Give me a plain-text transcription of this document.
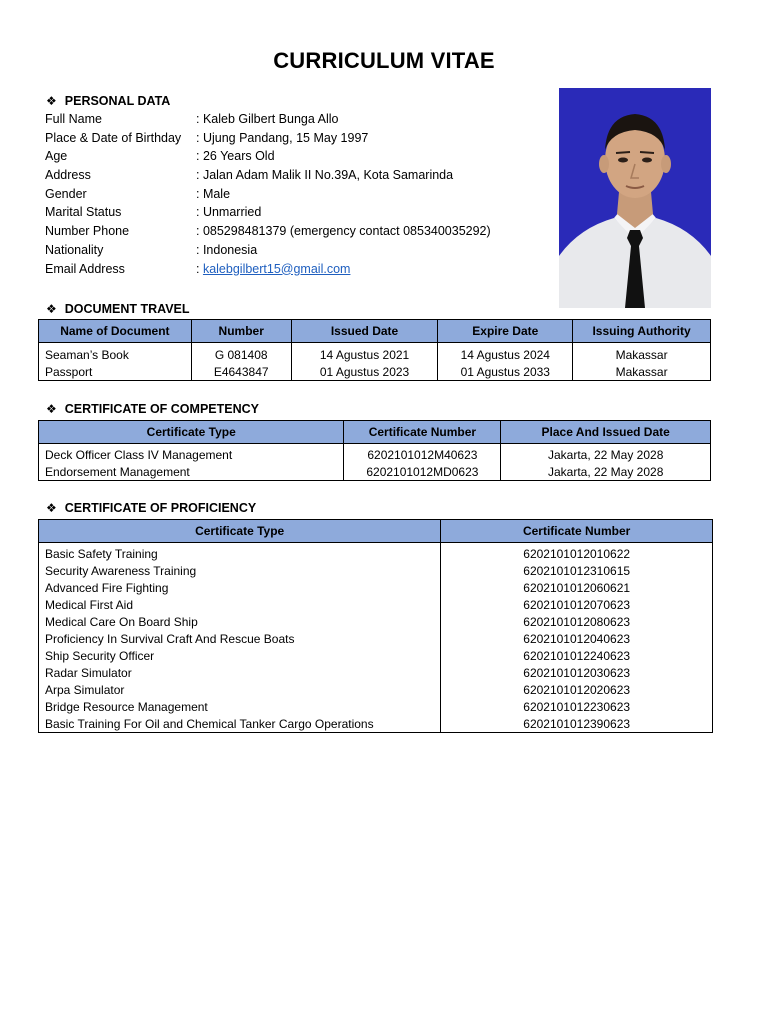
CURRICULUM VITAE
❖ PERSONAL DATA
Full Name	: Kaleb Gilbert Bunga Allo
Place & Date of Birthday	: Ujung Pandang, 15 May 1997
Age	: 26 Years Old
Address	: Jalan Adam Malik II No.39A, Kota Samarinda
Gender	: Male
Marital Status	: Unmarried
Number Phone	: 085298481379 (emergency contact 085340035292)
Nationality	: Indonesia
Email Address	: kalebgilbert15@gmail.com
❖ DOCUMENT TRAVEL
Name of Document	Number	Issued Date	Expire Date	Issuing Authority
Seaman’s Book	G 081408	14 Agustus 2021	14 Agustus 2024	Makassar
Passport	E4643847	01 Agustus 2023	01 Agustus 2033	Makassar
❖ CERTIFICATE OF COMPETENCY
Certificate Type	Certificate Number	Place And Issued Date
Deck Officer Class IV Management	6202101012M40623	Jakarta, 22 May 2028
Endorsement Management	6202101012MD0623	Jakarta, 22 May 2028
❖ CERTIFICATE OF PROFICIENCY
Certificate Type	Certificate Number
Basic Safety Training	6202101012010622
Security Awareness Training	6202101012310615
Advanced Fire Fighting	6202101012060621
Medical First Aid	6202101012070623
Medical Care On Board Ship	6202101012080623
Proficiency In Survival Craft And Rescue Boats	6202101012040623
Ship Security Officer	6202101012240623
Radar Simulator	6202101012030623
Arpa Simulator	6202101012020623
Bridge Resource Management	6202101012230623
Basic Training For Oil and Chemical Tanker Cargo Operations	6202101012390623
